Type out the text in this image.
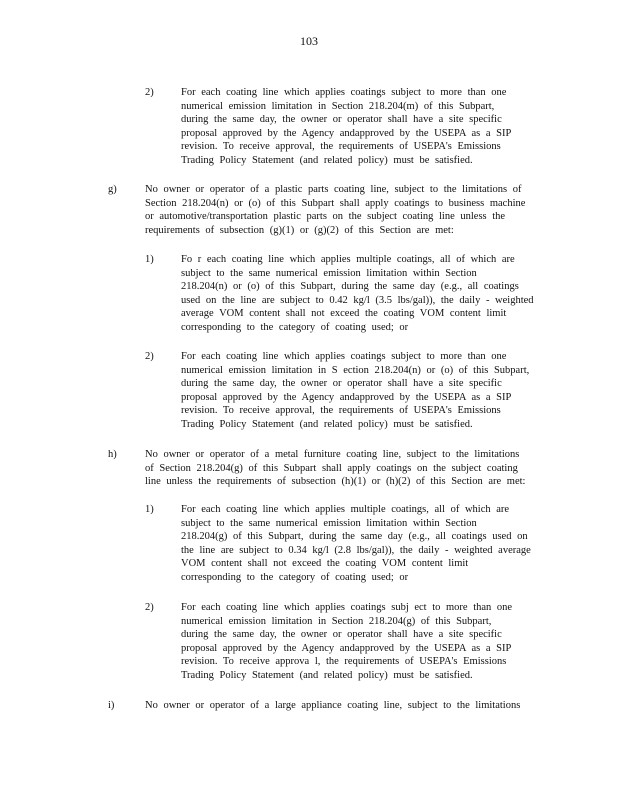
103
2)	For each coating line which applies coatings subject to more than one
numerical emission limitation in Section 218.204(m) of this Subpart,
during the same day, the owner or operator shall have a site specific
proposal approved by the Agency andapproved by the USEPA as a SIP
revision. To receive approval, the requirements of USEPA's Emissions
Trading Policy Statement (and related policy) must be satisfied.
g)	No owner or operator of a plastic parts coating line, subject to the limitations of
Section 218.204(n) or (o) of this Subpart shall apply coatings to business machine
or automotive/transportation plastic parts on the subject coating line unless the
requirements of subsection (g)(1) or (g)(2) of this Section are met:
1)	Fo r each coating line which applies multiple coatings, all of which are
subject to the same numerical emission limitation within Section
218.204(n) or (o) of this Subpart, during the same day (e.g., all coatings
used on the line are subject to 0.42 kg/l (3.5 lbs/gal)), the daily - weighted
average VOM content shall not exceed the coating VOM content limit
corresponding to the category of coating used; or
2)	For each coating line which applies coatings subject to more than one
numerical emission limitation in S ection 218.204(n) or (o) of this Subpart,
during the same day, the owner or operator shall have a site specific
proposal approved by the Agency andapproved by the USEPA as a SIP
revision. To receive approval, the requirements of USEPA's Emissions
Trading Policy Statement (and related policy) must be satisfied.
h)	No owner or operator of a metal furniture coating line, subject to the limitations
of Section 218.204(g) of this Subpart shall apply coatings on the subject coating
line unless the requirements of subsection (h)(1) or (h)(2) of this Section are met:
1)	For each coating line which applies multiple coatings, all of which are
subject to the same numerical emission limitation within Section
218.204(g) of this Subpart, during the same day (e.g., all coatings used on
the line are subject to 0.34 kg/l (2.8 lbs/gal)), the daily - weighted average
VOM content shall not exceed the coating VOM content limit
corresponding to the category of coating used; or
2)	For each coating line which applies coatings subj ect to more than one
numerical emission limitation in Section 218.204(g) of this Subpart,
during the same day, the owner or operator shall have a site specific
proposal approved by the Agency andapproved by the USEPA as a SIP
revision. To receive approva l, the requirements of USEPA's Emissions
Trading Policy Statement (and related policy) must be satisfied.
i)	No owner or operator of a large appliance coating line, subject to the limitations
